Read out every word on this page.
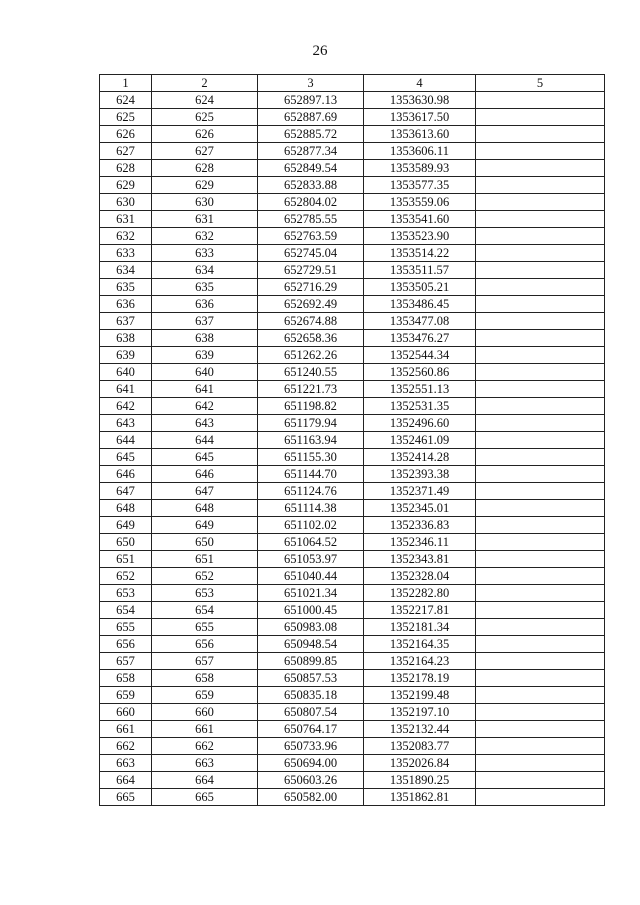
26
1	2	3	4	5
624	624	652897.13	1353630.98	
625	625	652887.69	1353617.50	
626	626	652885.72	1353613.60	
627	627	652877.34	1353606.11	
628	628	652849.54	1353589.93	
629	629	652833.88	1353577.35	
630	630	652804.02	1353559.06	
631	631	652785.55	1353541.60	
632	632	652763.59	1353523.90	
633	633	652745.04	1353514.22	
634	634	652729.51	1353511.57	
635	635	652716.29	1353505.21	
636	636	652692.49	1353486.45	
637	637	652674.88	1353477.08	
638	638	652658.36	1353476.27	
639	639	651262.26	1352544.34	
640	640	651240.55	1352560.86	
641	641	651221.73	1352551.13	
642	642	651198.82	1352531.35	
643	643	651179.94	1352496.60	
644	644	651163.94	1352461.09	
645	645	651155.30	1352414.28	
646	646	651144.70	1352393.38	
647	647	651124.76	1352371.49	
648	648	651114.38	1352345.01	
649	649	651102.02	1352336.83	
650	650	651064.52	1352346.11	
651	651	651053.97	1352343.81	
652	652	651040.44	1352328.04	
653	653	651021.34	1352282.80	
654	654	651000.45	1352217.81	
655	655	650983.08	1352181.34	
656	656	650948.54	1352164.35	
657	657	650899.85	1352164.23	
658	658	650857.53	1352178.19	
659	659	650835.18	1352199.48	
660	660	650807.54	1352197.10	
661	661	650764.17	1352132.44	
662	662	650733.96	1352083.77	
663	663	650694.00	1352026.84	
664	664	650603.26	1351890.25	
665	665	650582.00	1351862.81	
